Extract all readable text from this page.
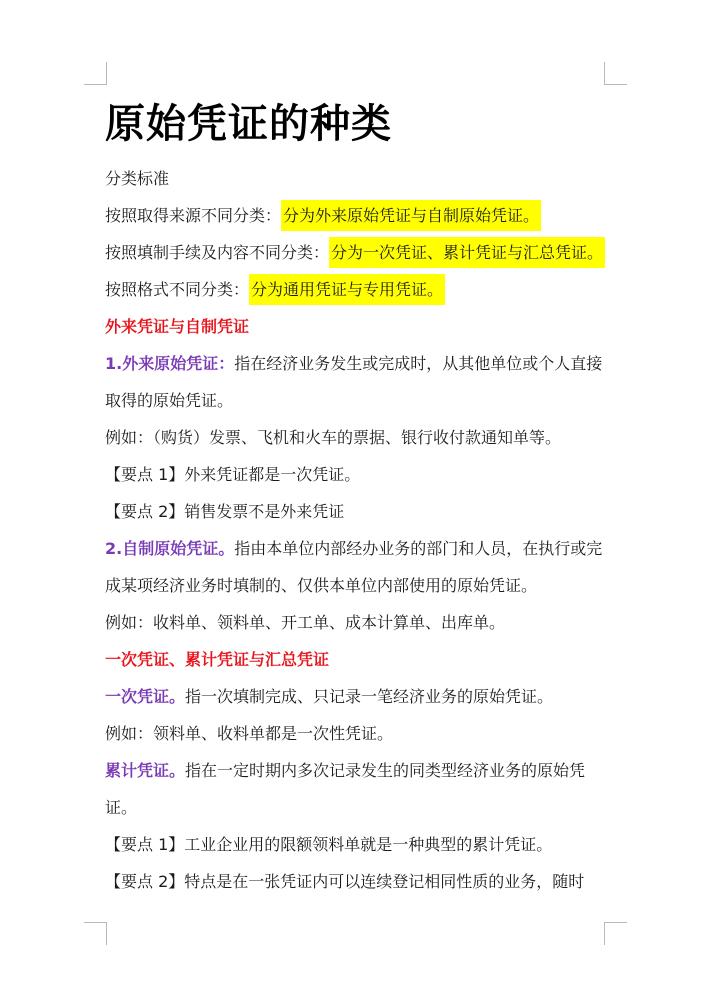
原始凭证的种类
分类标准
按照取得来源不同分类： 分为外来原始凭证与自制原始凭证。
按照填制手续及内容不同分类： 分为一次凭证、累计凭证与汇总凭证。
按照格式不同分类： 分为通用凭证与专用凭证。
外来凭证与自制凭证
1.外来原始凭证：指在经济业务发生或完成时，从其他单位或个人直接取得的原始凭证。
例如：（购货）发票、飞机和火车的票据、银行收付款通知单等。
【要点 1】外来凭证都是一次凭证。
【要点 2】销售发票不是外来凭证
2.自制原始凭证。指由本单位内部经办业务的部门和人员，在执行或完成某项经济业务时填制的、仅供本单位内部使用的原始凭证。
例如：收料单、领料单、开工单、成本计算单、出库单。
一次凭证、累计凭证与汇总凭证
一次凭证。指一次填制完成、只记录一笔经济业务的原始凭证。
例如：领料单、收料单都是一次性凭证。
累计凭证。指在一定时期内多次记录发生的同类型经济业务的原始凭证。
【要点 1】工业企业用的限额领料单就是一种典型的累计凭证。
【要点 2】特点是在一张凭证内可以连续登记相同性质的业务，随时
